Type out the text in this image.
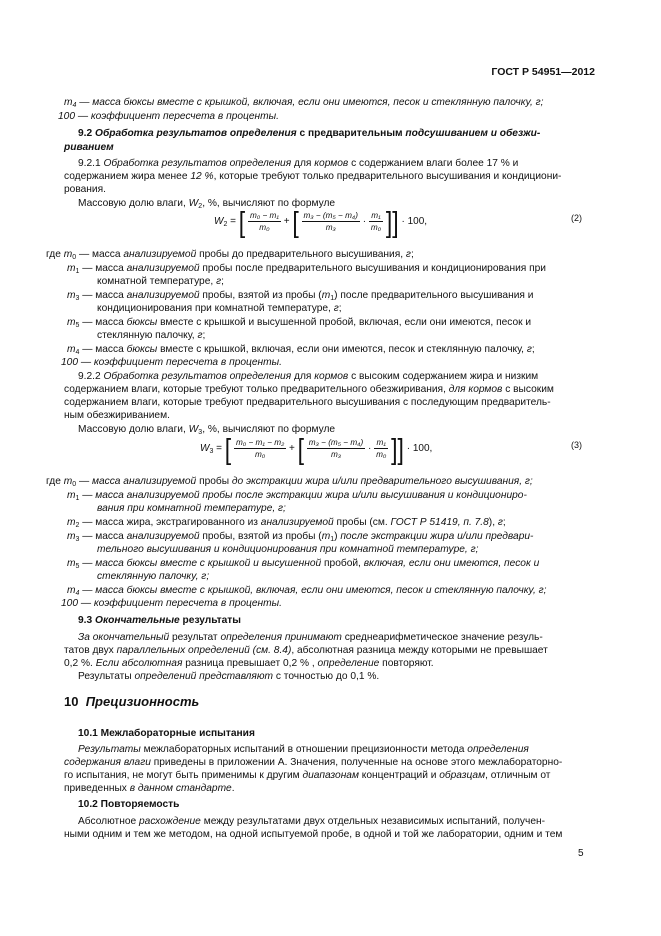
ГОСТ Р 54951—2012
$m_4$ — масса бюксы вместе с крышкой, включая, если они имеются, песок и стеклянную палочку, г;
100 — коэффициент пересчета в проценты.
9.2 Обработка результатов определения с предварительным подсушиванием и обезжи-
риванием
9.2.1 Обработка результатов определения для кормов с содержанием влаги более 17 % и
содержанием жира менее 12 %, которые требуют только предварительного высушивания и кондициони-
рования.
Массовую долю влаги, $W_2$, %, вычисляют по формуле
$W_2$ = [ $\frac{\text{m₀ − m₁}}{\text{m₀}}$ + [ $\frac{\text{m₃ − (m₅ − m₄)}}{\text{m₃}} \cdot \frac{\text{m₁}}{\text{m₀}}$ ]] · 100,	(2)
где $m_0$ — масса анализируемой пробы до предварительного высушивания, г;
$m_1$ — масса анализируемой пробы после предварительного высушивания и кондиционирования при
комнатной температуре, г;
$m_3$ — масса анализируемой пробы, взятой из пробы $(m_1)$ после предварительного высушивания и
кондиционирования при комнатной температуре, г;
$m_5$ — масса бюксы вместе с крышкой и высушенной пробой, включая, если они имеются, песок и
стеклянную палочку, г;
$m_4$ — масса бюксы вместе с крышкой, включая, если они имеются, песок и стеклянную палочку, г;
100 — коэффициент пересчета в проценты.
9.2.2 Обработка результатов определения для кормов с высоким содержанием жира и низким
содержанием влаги, которые требуют только предварительного обезжиривания, для кормов с высоким
содержанием влаги, которые требуют предварительного высушивания с последующим предваритель-
ным обезжириванием.
Массовую долю влаги, $W_3$, %, вычисляют по формуле
$W_3$ = [ $\frac{\text{m₀ − m₁ − m₂}}{\text{m₀}}$ + [ $\frac{\text{m₃ − (m₅ − m₄)}}{\text{m₃}} \cdot \frac{\text{m₁}}{\text{m₀}}$ ]] · 100,	(3)
где $m_0$ — масса анализируемой пробы до экстракции жира и/или предварительного высушивания, г;
$m_1$ — масса анализируемой пробы после экстракции жира и/или высушивания и кондициониро-
вания при комнатной температуре, г;
$m_2$ — масса жира, экстрагированного из анализируемой пробы (см. ГОСТ Р 51419, п. 7.8), г;
$m_3$ — масса анализируемой пробы, взятой из пробы $(m_1)$ после экстракции жира и/или предвари-
тельного высушивания и кондиционирования при комнатной температуре, г;
$m_5$ — масса бюксы вместе с крышкой и высушенной пробой, включая, если они имеются, песок и
стеклянную палочку, г;
$m_4$ — масса бюксы вместе с крышкой, включая, если они имеются, песок и стеклянную палочку, г;
100 — коэффициент пересчета в проценты.
9.3 Окончательные результаты
За окончательный результат определения принимают среднеарифметическое значение резуль-
татов двух параллельных определений (см. 8.4), абсолютная разница между которыми не превышает
0,2 %. Если абсолютная разница превышает 0,2 % , определение повторяют.
Результаты определений представляют с точностью до 0,1 %.
10 Прецизионность
10.1 Межлабораторные испытания
Результаты межлабораторных испытаний в отношении прецизионности метода определения
содержания влаги приведены в приложении А. Значения, полученные на основе этого межлабораторно-
го испытания, не могут быть применимы к другим диапазонам концентраций и образцам, отличным от
приведенных в данном стандарте.
10.2 Повторяемость
Абсолютное расхождение между результатами двух отдельных независимых испытаний, получен-
ными одним и тем же методом, на одной испытуемой пробе, в одной и той же лаборатории, одним и тем
5
